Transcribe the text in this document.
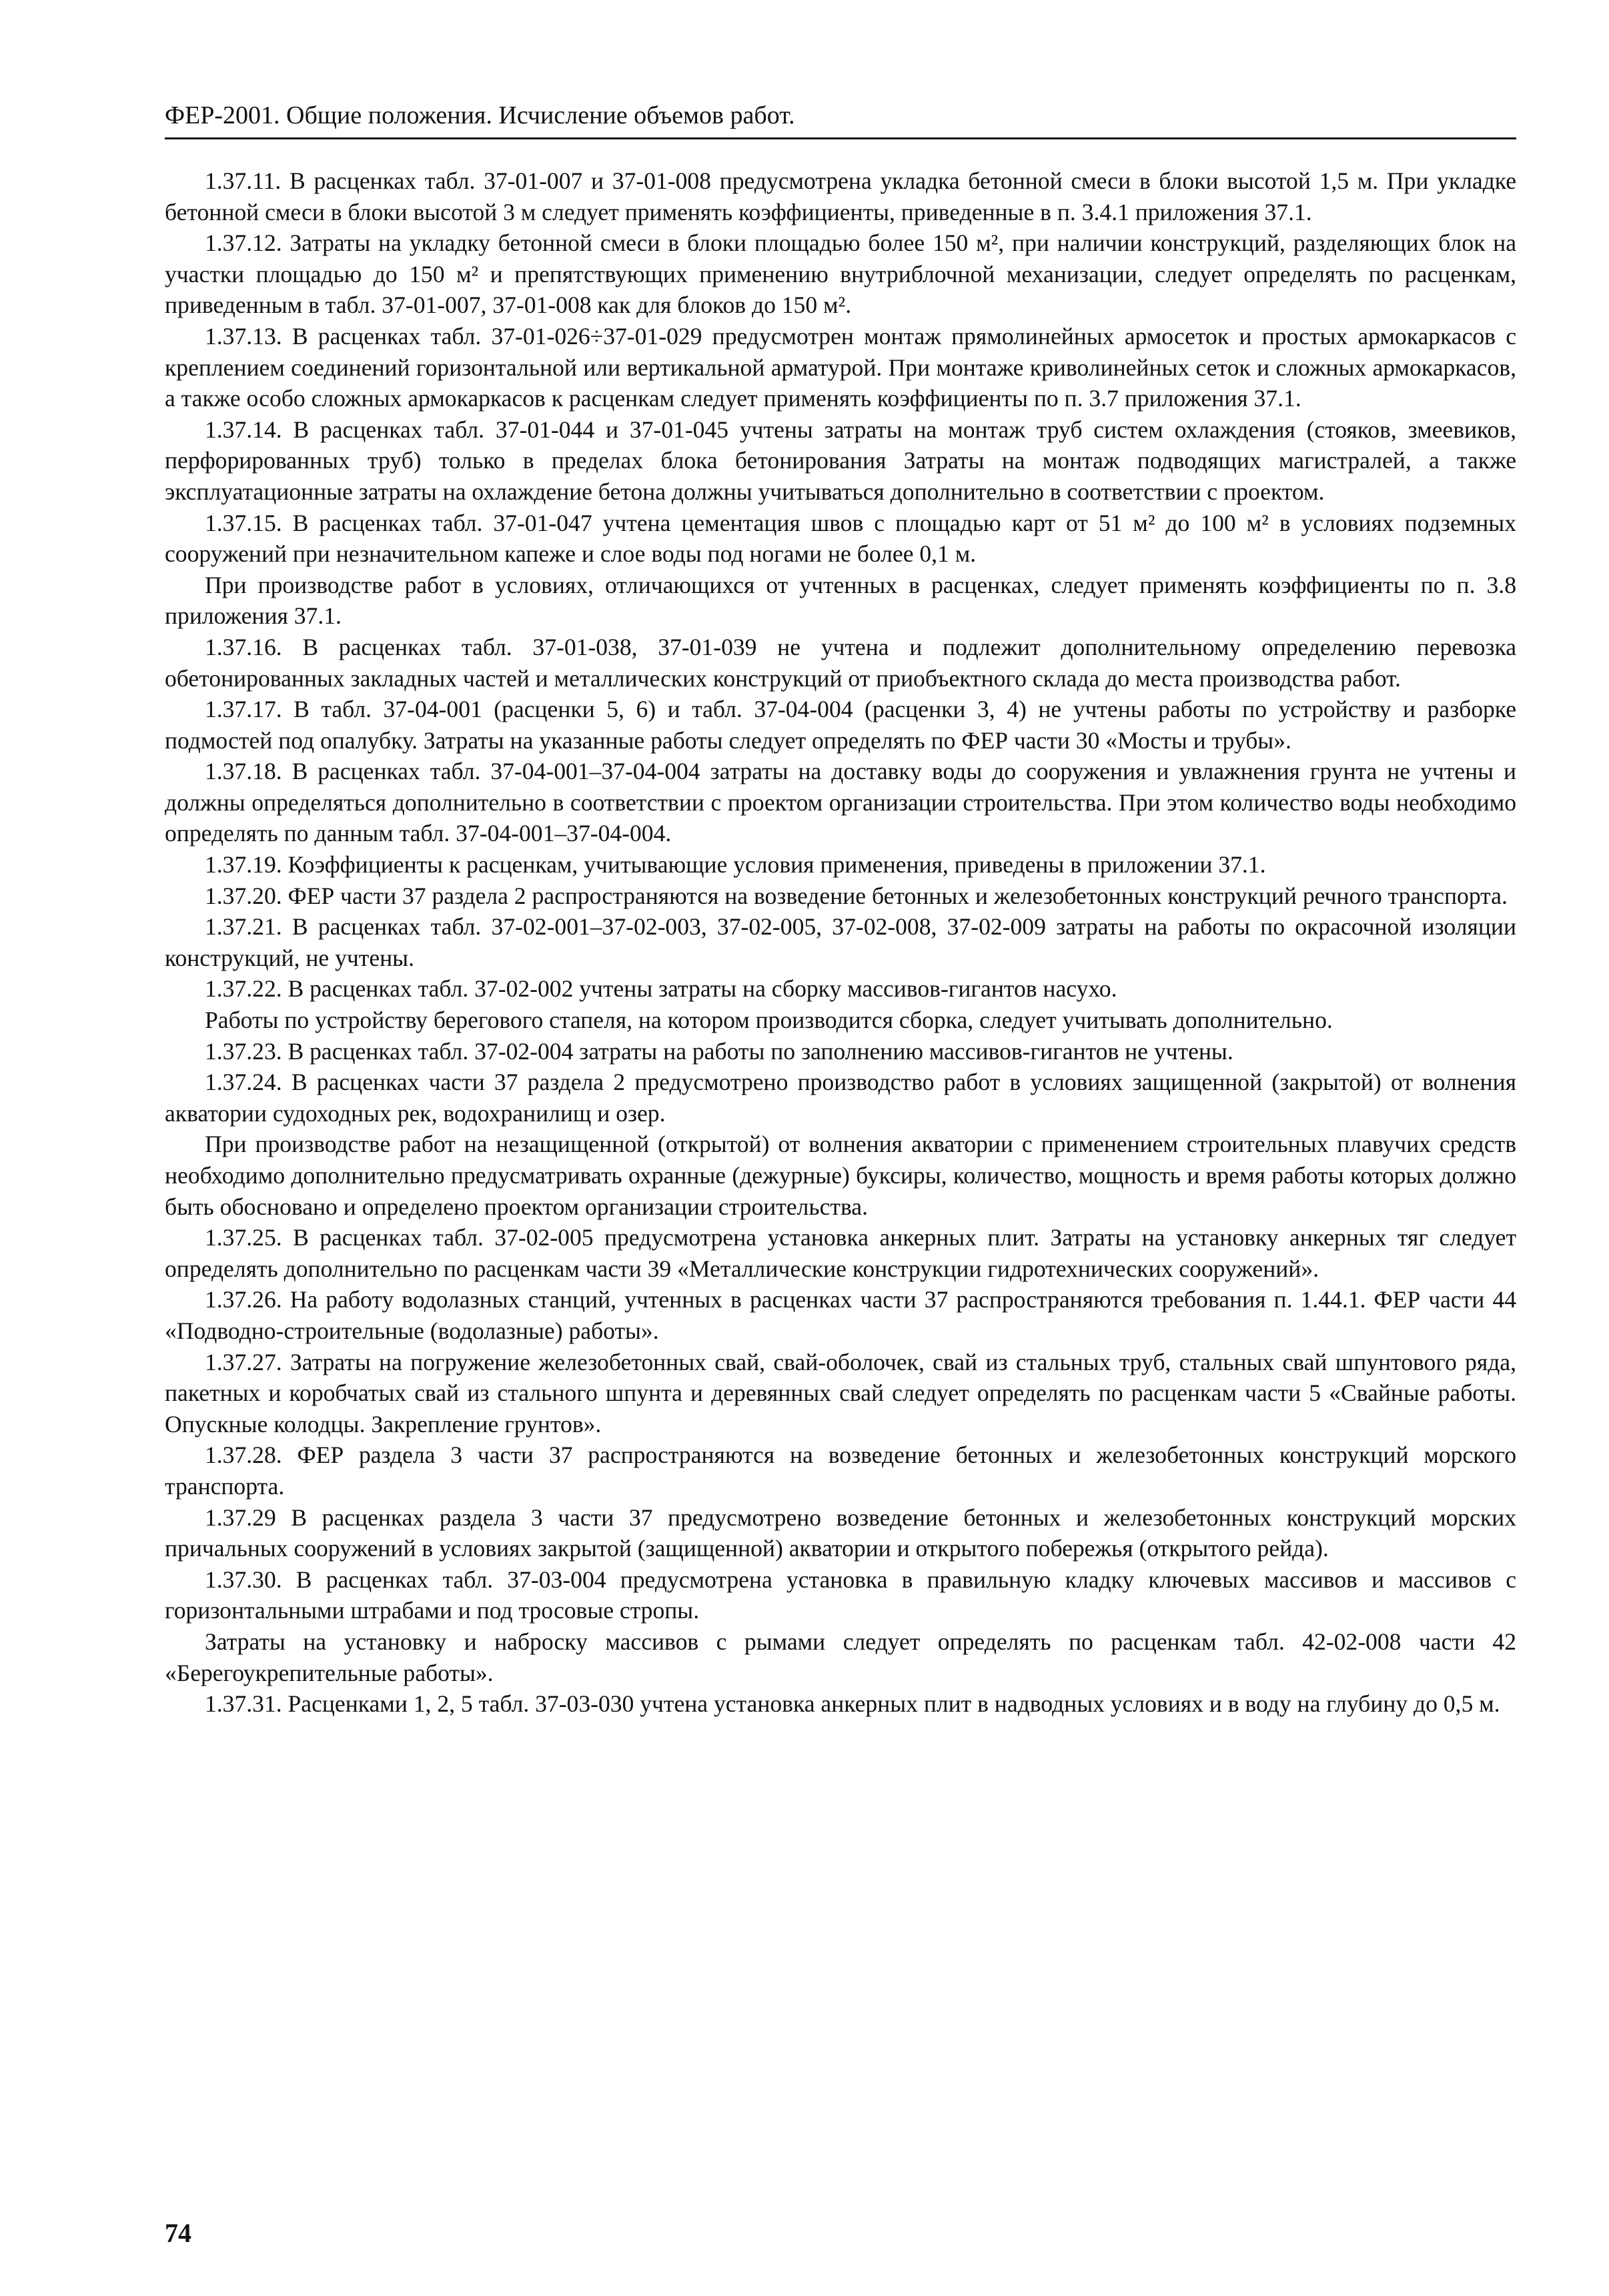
ФЕР-2001. Общие положения. Исчисление объемов работ.

1.37.11. В расценках табл. 37-01-007 и 37-01-008 предусмотрена укладка бетонной смеси в блоки высотой 1,5 м. При укладке бетонной смеси в блоки высотой 3 м следует применять коэффициенты, приведенные в п. 3.4.1 приложения 37.1.

1.37.12. Затраты на укладку бетонной смеси в блоки площадью более 150 м², при наличии конструкций, разделяющих блок на участки площадью до 150 м² и препятствующих применению внутриблочной механизации, следует определять по расценкам, приведенным в табл. 37-01-007, 37-01-008 как для блоков до 150 м².

1.37.13. В расценках табл. 37-01-026÷37-01-029 предусмотрен монтаж прямолинейных армосеток и простых армокаркасов с креплением соединений горизонтальной или вертикальной арматурой. При монтаже криволинейных сеток и сложных армокаркасов, а также особо сложных армокаркасов к расценкам следует применять коэффициенты по п. 3.7 приложения 37.1.

1.37.14. В расценках табл. 37-01-044 и 37-01-045 учтены затраты на монтаж труб систем охлаждения (стояков, змеевиков, перфорированных труб) только в пределах блока бетонирования Затраты на монтаж подводящих магистралей, а также эксплуатационные затраты на охлаждение бетона должны учитываться дополнительно в соответствии с проектом.

1.37.15. В расценках табл. 37-01-047 учтена цементация швов с площадью карт от 51 м² до 100 м² в условиях подземных сооружений при незначительном капеже и слое воды под ногами не более 0,1 м.

При производстве работ в условиях, отличающихся от учтенных в расценках, следует применять коэффициенты по п. 3.8 приложения 37.1.

1.37.16. В расценках табл. 37-01-038, 37-01-039 не учтена и подлежит дополнительному определению перевозка обетонированных закладных частей и металлических конструкций от приобъектного склада до места производства работ.

1.37.17. В табл. 37-04-001 (расценки 5, 6) и табл. 37-04-004 (расценки 3, 4) не учтены работы по устройству и разборке подмостей под опалубку. Затраты на указанные работы следует определять по ФЕР части 30 «Мосты и трубы».

1.37.18. В расценках табл. 37-04-001–37-04-004 затраты на доставку воды до сооружения и увлажнения грунта не учтены и должны определяться дополнительно в соответствии с проектом организации строительства. При этом количество воды необходимо определять по данным табл. 37-04-001–37-04-004.

1.37.19. Коэффициенты к расценкам, учитывающие условия применения, приведены в приложении 37.1.

1.37.20. ФЕР части 37 раздела 2 распространяются на возведение бетонных и железобетонных конструкций речного транспорта.

1.37.21. В расценках табл. 37-02-001–37-02-003, 37-02-005, 37-02-008, 37-02-009 затраты на работы по окрасочной изоляции конструкций, не учтены.

1.37.22. В расценках табл. 37-02-002 учтены затраты на сборку массивов-гигантов насухо.

Работы по устройству берегового стапеля, на котором производится сборка, следует учитывать дополнительно.

1.37.23. В расценках табл. 37-02-004 затраты на работы по заполнению массивов-гигантов не учтены.

1.37.24. В расценках части 37 раздела 2 предусмотрено производство работ в условиях защищенной (закрытой) от волнения акватории судоходных рек, водохранилищ и озер.

При производстве работ на незащищенной (открытой) от волнения акватории с применением строительных плавучих средств необходимо дополнительно предусматривать охранные (дежурные) буксиры, количество, мощность и время работы которых должно быть обосновано и определено проектом организации строительства.

1.37.25. В расценках табл. 37-02-005 предусмотрена установка анкерных плит. Затраты на установку анкерных тяг следует определять дополнительно по расценкам части 39 «Металлические конструкции гидротехнических сооружений».

1.37.26. На работу водолазных станций, учтенных в расценках части 37 распространяются требования п. 1.44.1. ФЕР части 44 «Подводно-строительные (водолазные) работы».

1.37.27. Затраты на погружение железобетонных свай, свай-оболочек, свай из стальных труб, стальных свай шпунтового ряда, пакетных и коробчатых свай из стального шпунта и деревянных свай следует определять по расценкам части 5 «Свайные работы. Опускные колодцы. Закрепление грунтов».

1.37.28. ФЕР раздела 3 части 37 распространяются на возведение бетонных и железобетонных конструкций морского транспорта.

1.37.29 В расценках раздела 3 части 37 предусмотрено возведение бетонных и железобетонных конструкций морских причальных сооружений в условиях закрытой (защищенной) акватории и открытого побережья (открытого рейда).

1.37.30. В расценках табл. 37-03-004 предусмотрена установка в правильную кладку ключевых массивов и массивов с горизонтальными штрабами и под тросовые стропы.

Затраты на установку и наброску массивов с рымами следует определять по расценкам табл. 42-02-008 части 42 «Берегоукрепительные работы».

1.37.31. Расценками 1, 2, 5 табл. 37-03-030 учтена установка анкерных плит в надводных условиях и в воду на глубину до 0,5 м.

74
